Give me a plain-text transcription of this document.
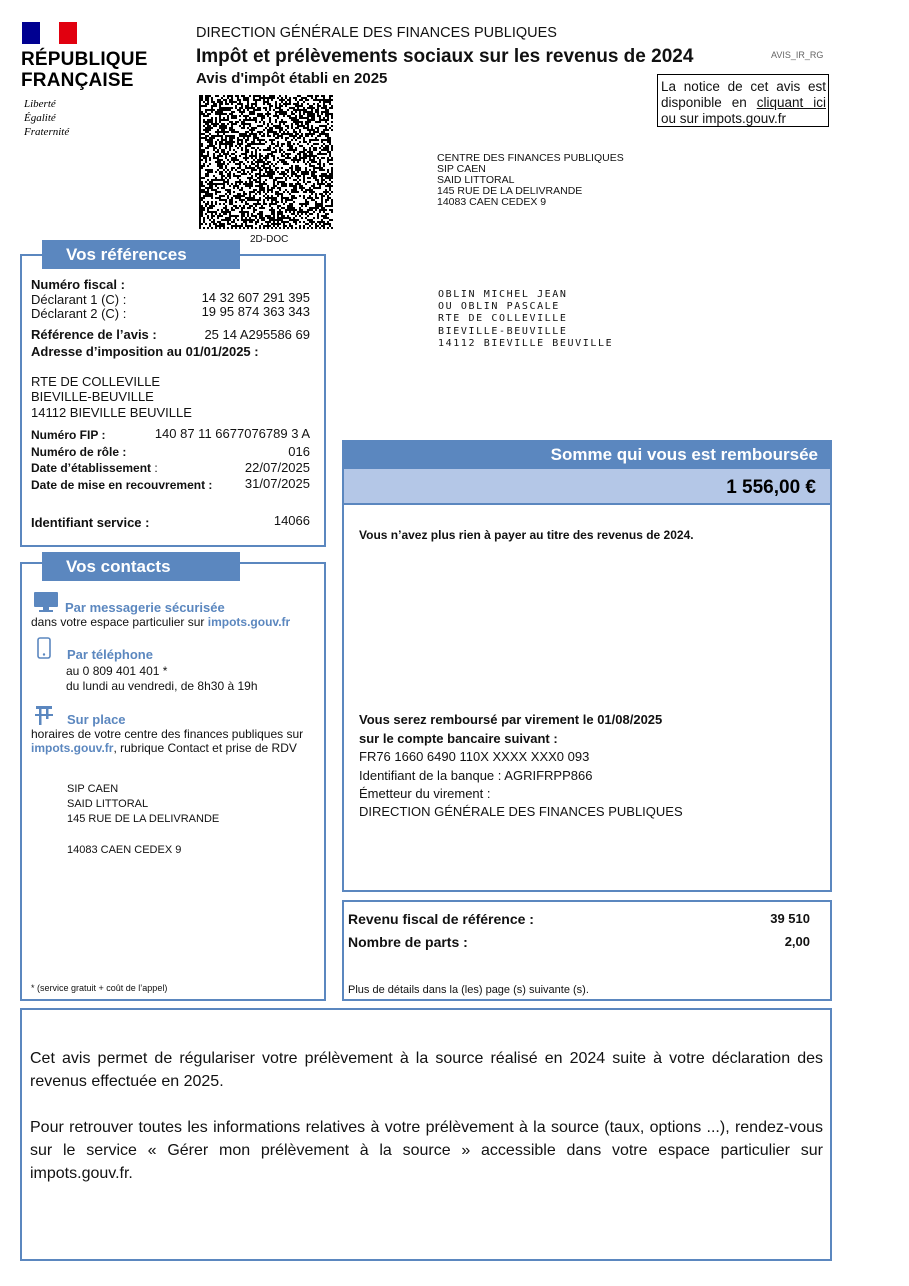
RÉPUBLIQUE
FRANÇAISE
Liberté
Égalité
Fraternité
DIRECTION GÉNÉRALE DES FINANCES PUBLIQUES
Impôt et prélèvements sociaux sur les revenus de 2024
Avis d'impôt établi en 2025
AVIS_IR_RG
La notice de cet avis est disponible en cliquant ici ou sur impots.gouv.fr
2D-DOC
CENTRE DES FINANCES PUBLIQUES
SIP CAEN
SAID LITTORAL
145 RUE DE LA DELIVRANDE
14083 CAEN CEDEX 9
OBLIN MICHEL JEAN
OU OBLIN PASCALE
RTE DE COLLEVILLE
BIEVILLE-BEUVILLE
14112 BIEVILLE BEUVILLE
Vos références
Numéro fiscal :
Déclarant 1 (C) :	14 32 607 291 395
Déclarant 2 (C) :	19 95 874 363 343
Référence de l’avis :	25 14 A295586 69
Adresse d’imposition au 01/01/2025 :
RTE DE COLLEVILLE
BIEVILLE-BEUVILLE
14112 BIEVILLE BEUVILLE
Numéro FIP :	140 87 11 6677076789 3 A
Numéro de rôle :	016
Date d’établissement :	22/07/2025
Date de mise en recouvrement :	31/07/2025
Identifiant service :	14066
Vos contacts
Par messagerie sécurisée
dans votre espace particulier sur impots.gouv.fr
Par téléphone
au 0 809 401 401 *
du lundi au vendredi, de 8h30 à 19h
Sur place
horaires de votre centre des finances publiques sur
impots.gouv.fr, rubrique Contact et prise de RDV
SIP CAEN
SAID LITTORAL
145 RUE DE LA DELIVRANDE
14083 CAEN CEDEX 9
* (service gratuit + coût de l’appel)
Somme qui vous est remboursée
1 556,00 €
Vous n’avez plus rien à payer au titre des revenus de 2024.
Vous serez remboursé par virement le 01/08/2025
sur le compte bancaire suivant :
FR76 1660 6490 110X XXXX XXX0 093
Identifiant de la banque : AGRIFRPP866
Émetteur du virement :
DIRECTION GÉNÉRALE DES FINANCES PUBLIQUES
Revenu fiscal de référence :	39 510
Nombre de parts :	2,00
Plus de détails dans la (les) page (s) suivante (s).
Cet avis permet de régulariser votre prélèvement à la source réalisé en 2024 suite à votre déclaration des revenus effectuée en 2025.
Pour retrouver toutes les informations relatives à votre prélèvement à la source (taux, options ...), rendez-vous sur le service « Gérer mon prélèvement à la source » accessible dans votre espace particulier sur impots.gouv.fr.
